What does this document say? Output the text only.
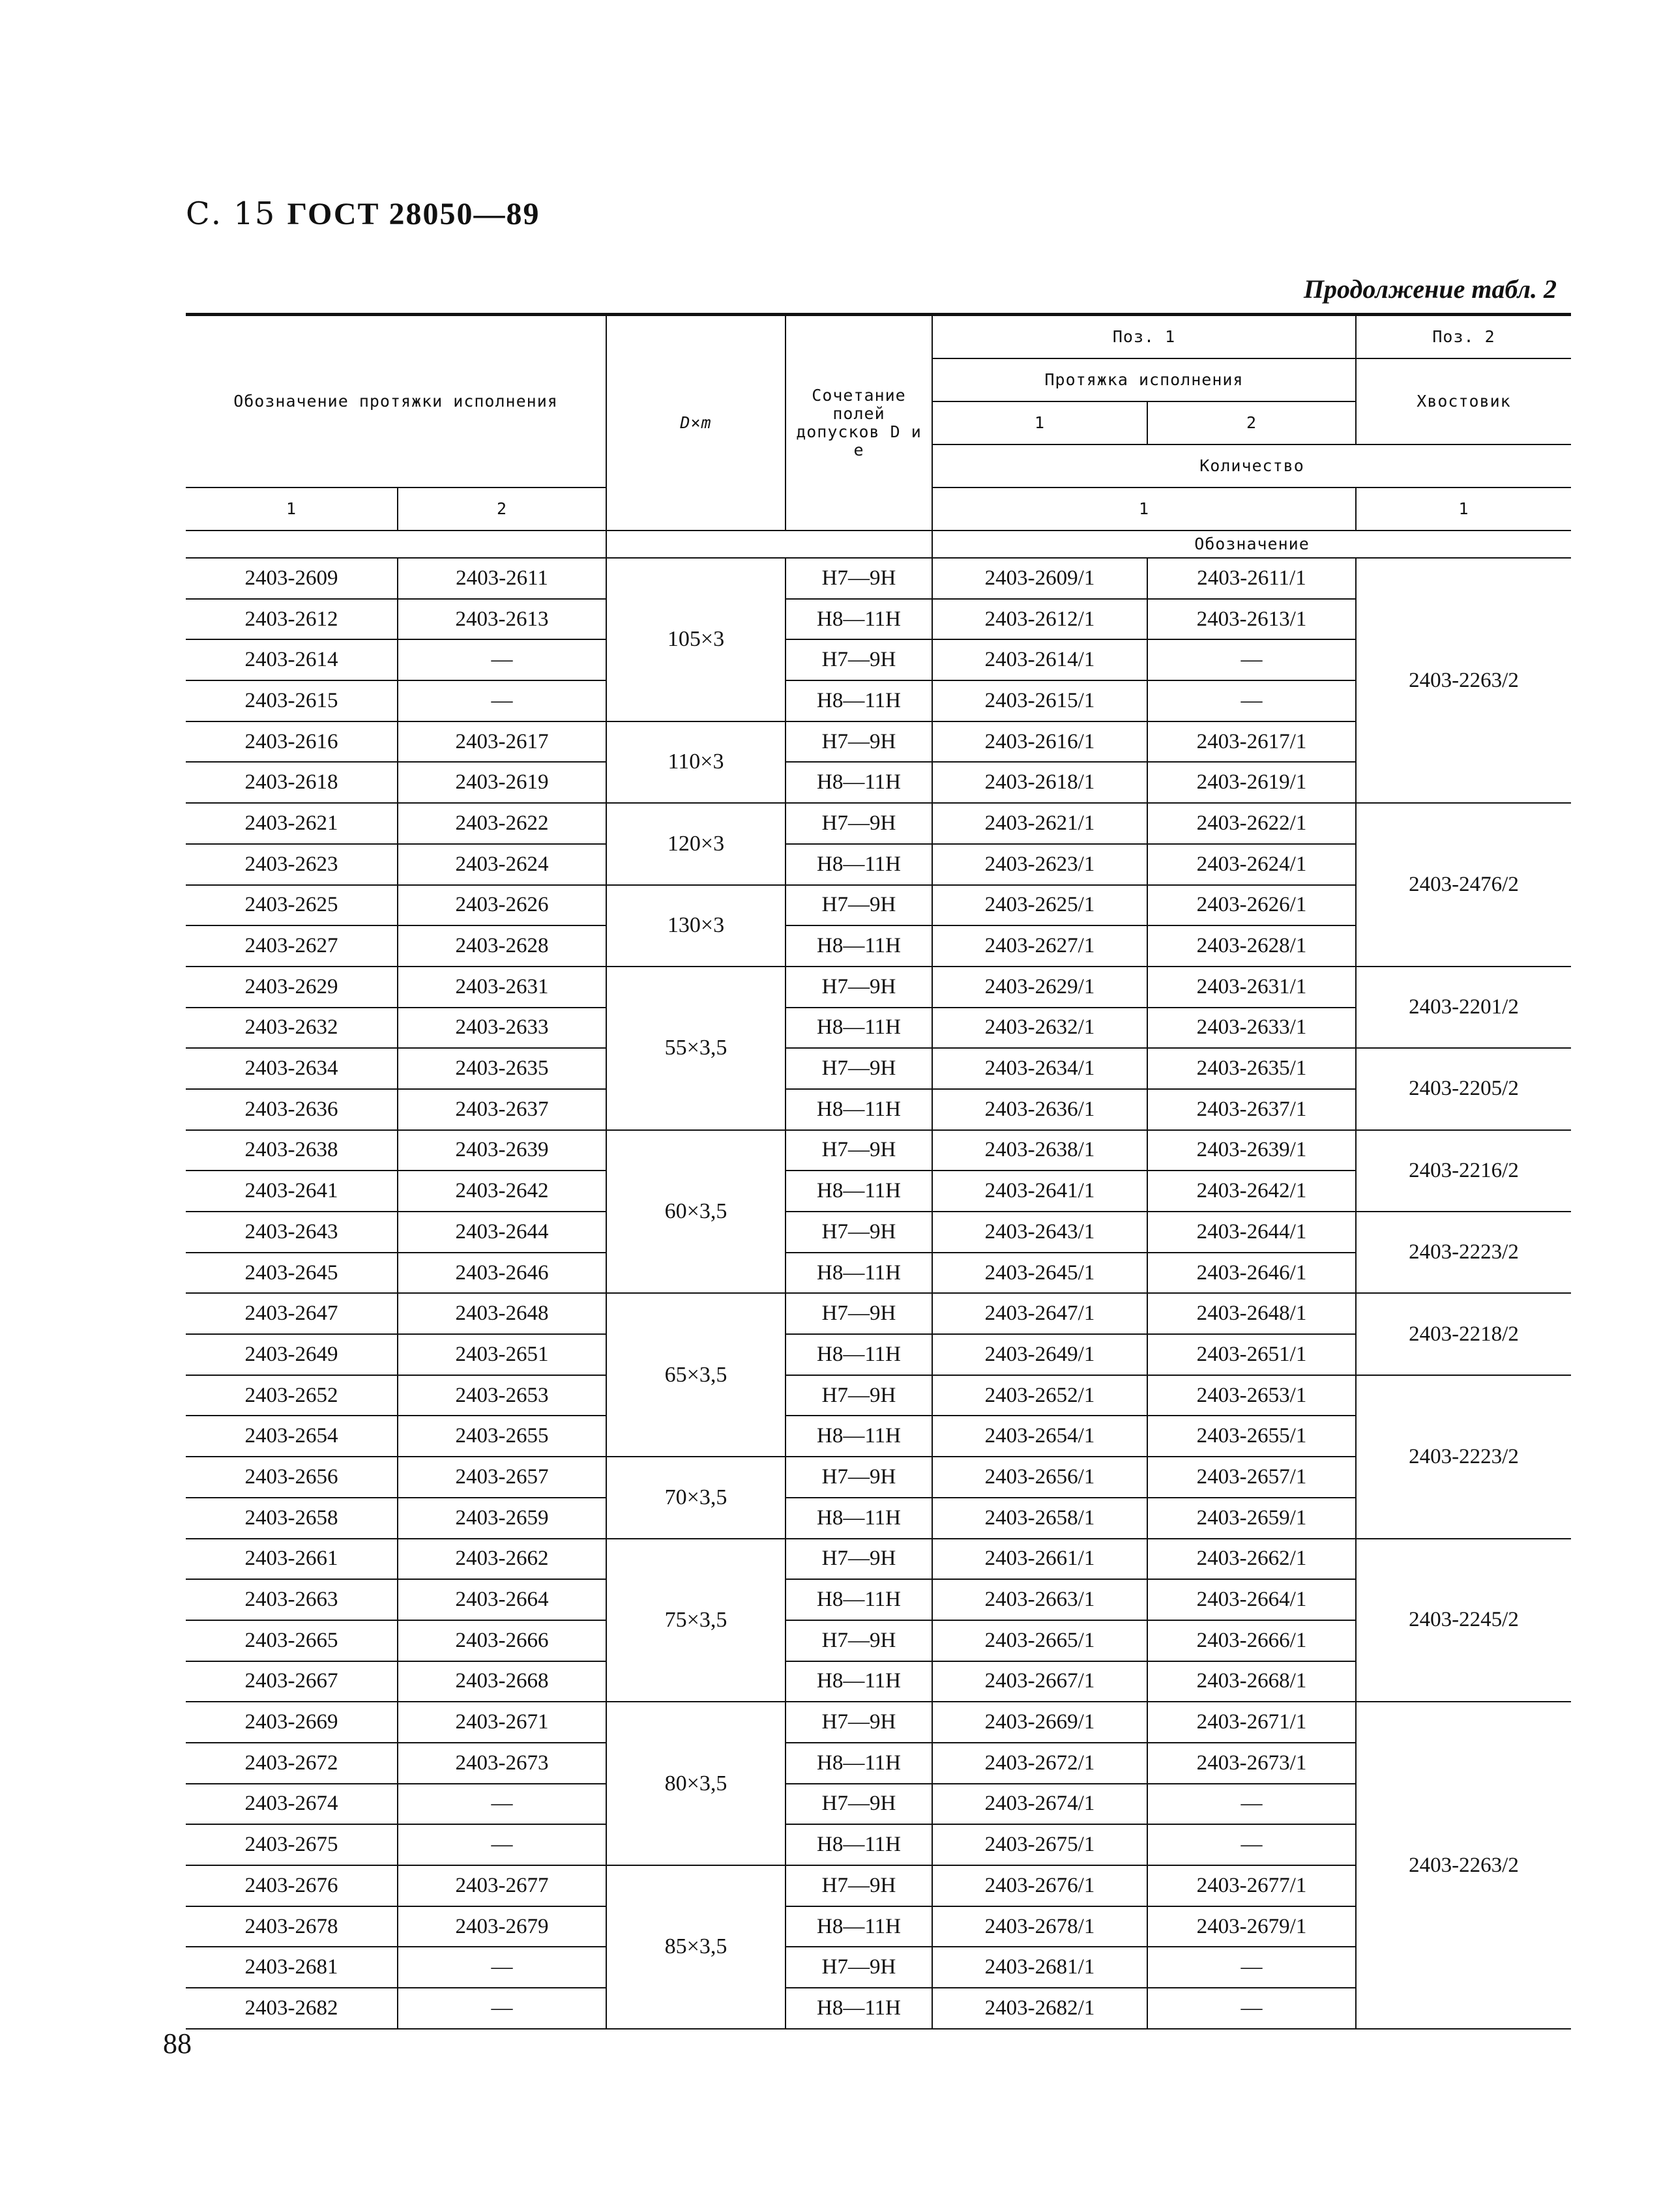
С. 15 ГОСТ 28050—89
Продолжение табл. 2
Обозначение протяжки исполнения		D×m	Сочетание полей допусков D и e	Поз. 1		Поз. 2
				Протяжка исполнения		Хвостовик
				1	2	
				Количество		
1	2			1		1
				Обозначение		
2403-2609	2403-2611	105×3	H7—9H	2403-2609/1	2403-2611/1	2403-2263/2
2403-2612	2403-2613		H8—11H	2403-2612/1	2403-2613/1	
2403-2614	—		H7—9H	2403-2614/1	—	
2403-2615	—		H8—11H	2403-2615/1	—	
2403-2616	2403-2617	110×3	H7—9H	2403-2616/1	2403-2617/1	
2403-2618	2403-2619		H8—11H	2403-2618/1	2403-2619/1	
2403-2621	2403-2622	120×3	H7—9H	2403-2621/1	2403-2622/1	2403-2476/2
2403-2623	2403-2624		H8—11H	2403-2623/1	2403-2624/1	
2403-2625	2403-2626	130×3	H7—9H	2403-2625/1	2403-2626/1	
2403-2627	2403-2628		H8—11H	2403-2627/1	2403-2628/1	
2403-2629	2403-2631	55×3,5	H7—9H	2403-2629/1	2403-2631/1	2403-2201/2
2403-2632	2403-2633		H8—11H	2403-2632/1	2403-2633/1	
2403-2634	2403-2635		H7—9H	2403-2634/1	2403-2635/1	2403-2205/2
2403-2636	2403-2637		H8—11H	2403-2636/1	2403-2637/1	
2403-2638	2403-2639	60×3,5	H7—9H	2403-2638/1	2403-2639/1	2403-2216/2
2403-2641	2403-2642		H8—11H	2403-2641/1	2403-2642/1	
2403-2643	2403-2644		H7—9H	2403-2643/1	2403-2644/1	2403-2223/2
2403-2645	2403-2646		H8—11H	2403-2645/1	2403-2646/1	
2403-2647	2403-2648	65×3,5	H7—9H	2403-2647/1	2403-2648/1	2403-2218/2
2403-2649	2403-2651		H8—11H	2403-2649/1	2403-2651/1	
2403-2652	2403-2653		H7—9H	2403-2652/1	2403-2653/1	2403-2223/2
2403-2654	2403-2655		H8—11H	2403-2654/1	2403-2655/1	
2403-2656	2403-2657	70×3,5	H7—9H	2403-2656/1	2403-2657/1	
2403-2658	2403-2659		H8—11H	2403-2658/1	2403-2659/1	
2403-2661	2403-2662	75×3,5	H7—9H	2403-2661/1	2403-2662/1	2403-2245/2
2403-2663	2403-2664		H8—11H	2403-2663/1	2403-2664/1	
2403-2665	2403-2666		H7—9H	2403-2665/1	2403-2666/1	
2403-2667	2403-2668		H8—11H	2403-2667/1	2403-2668/1	
2403-2669	2403-2671	80×3,5	H7—9H	2403-2669/1	2403-2671/1	2403-2263/2
2403-2672	2403-2673		H8—11H	2403-2672/1	2403-2673/1	
2403-2674	—		H7—9H	2403-2674/1	—	
2403-2675	—		H8—11H	2403-2675/1	—	
2403-2676	2403-2677	85×3,5	H7—9H	2403-2676/1	2403-2677/1	
2403-2678	2403-2679		H8—11H	2403-2678/1	2403-2679/1	
2403-2681	—		H7—9H	2403-2681/1	—	
2403-2682	—		H8—11H	2403-2682/1	—	
88
